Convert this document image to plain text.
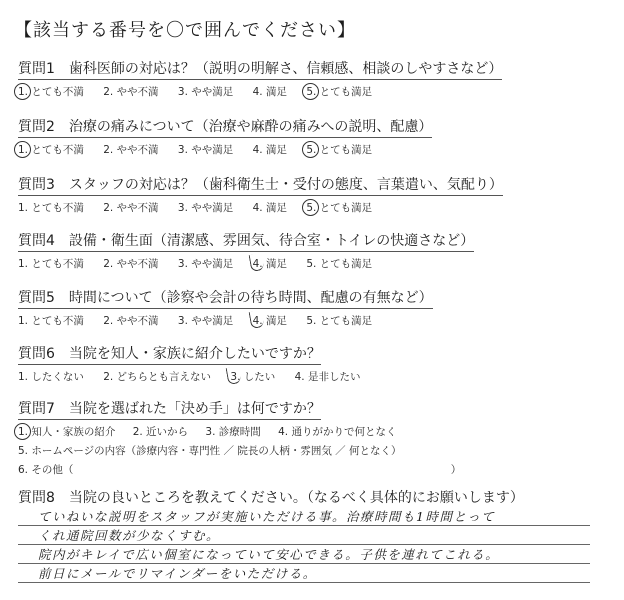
【該当する番号を〇で囲んでください】
質問1 歯科医師の対応は？（説明の明解さ、信頼感、相談のしやすさなど）
1. とても不満 2. やや不満 3. やや満足 4. 満足 5. とても満足
質問2 治療の痛みについて（治療や麻酔の痛みへの説明、配慮）
1. とても不満 2. やや不満 3. やや満足 4. 満足 5. とても満足
質問3 スタッフの対応は？（歯科衛生士・受付の態度、言葉遣い、気配り）
1. とても不満 2. やや不満 3. やや満足 4. 満足 5. とても満足
質問4 設備・衛生面（清潔感、雰囲気、待合室・トイレの快適さなど）
1. とても不満 2. やや不満 3. やや満足 4. 満足 5. とても満足
質問5 時間について（診察や会計の待ち時間、配慮の有無など）
1. とても不満 2. やや不満 3. やや満足 4. 満足 5. とても満足
質問6 当院を知人・家族に紹介したいですか？
1. したくない 2. どちらとも言えない 3. したい 4. 是非したい
質問7 当院を選ばれた「決め手」は何ですか？
1. 知人・家族の紹介 2. 近いから 3. 診療時間 4. 通りがかりで何となく
5. ホームページの内容（診療内容・専門性 ／ 院長の人柄・雰囲気 ／ 何となく）
6. その他（	）
質問8 当院の良いところを教えてください。（なるべく具体的にお願いします）
ていねいな説明をスタッフが実施いただける事。治療時間も1時間とって
くれ通院回数が少なくすむ。
院内がキレイで広い個室になっていて安心できる。子供を連れてこれる。
前日にメールでリマインダーをいただける。
